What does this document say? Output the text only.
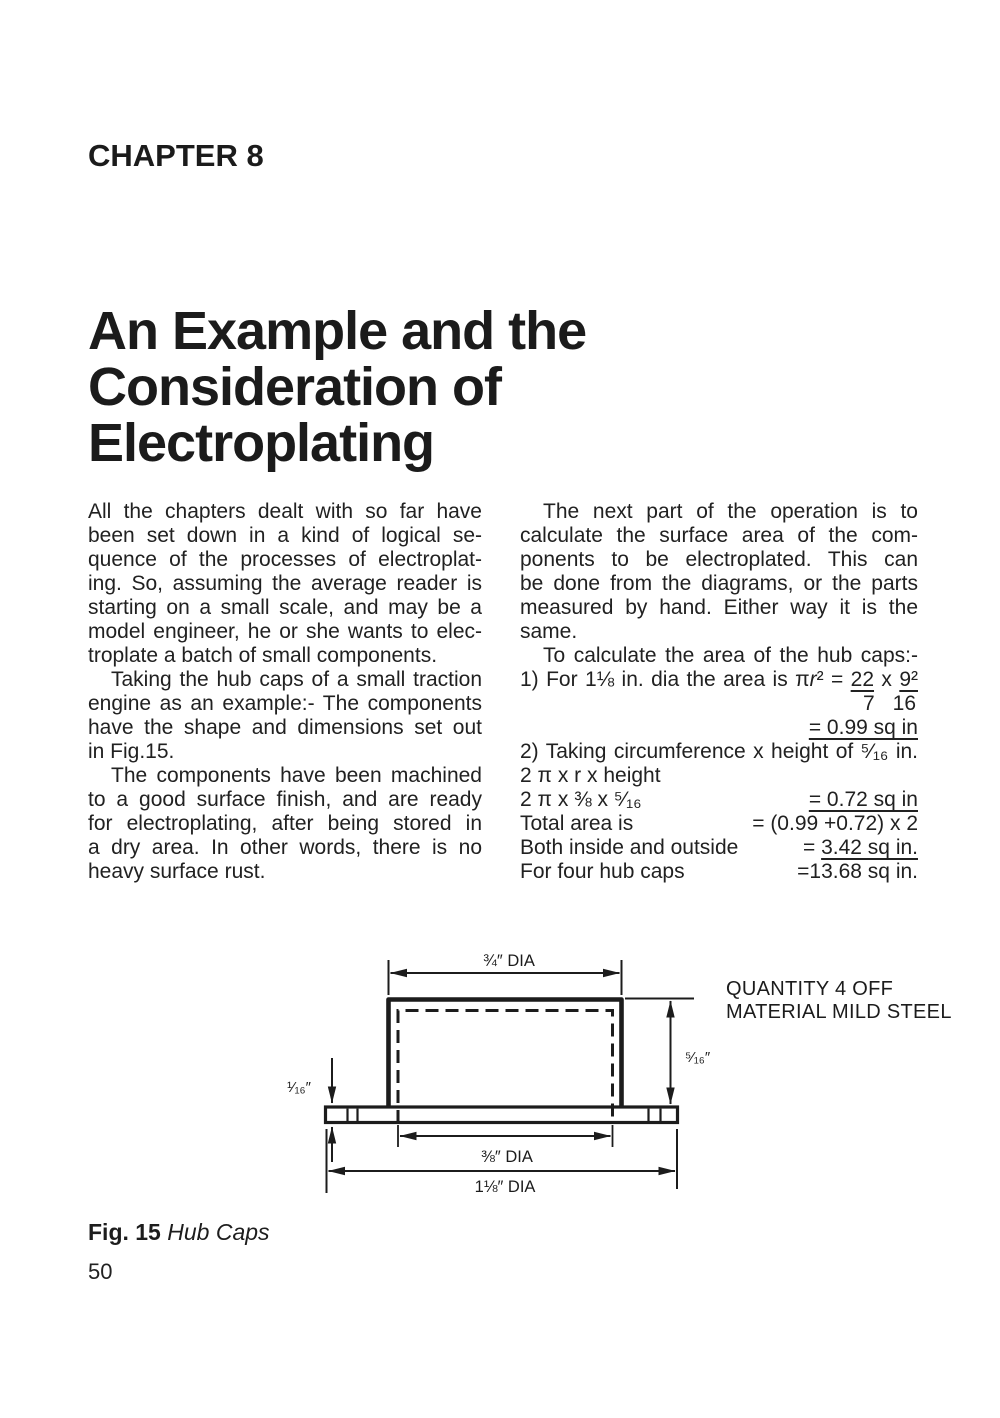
CHAPTER 8
An Example and the
Consideration of
Electroplating
All the chapters dealt with so far have
been set down in a kind of logical se-
quence of the processes of electroplat-
ing. So, assuming the average reader is
starting on a small scale, and may be a
model engineer, he or she wants to elec-
troplate a batch of small components.
Taking the hub caps of a small traction
engine as an example:- The components
have the shape and dimensions set out
in Fig.15.
The components have been machined
to a good surface finish, and are ready
for electroplating, after being stored in
a dry area. In other words, there is no
heavy surface rust.
The next part of the operation is to
calculate the surface area of the com-
ponents to be electroplated. This can
be done from the diagrams, or the parts
measured by hand. Either way it is the
same.
To calculate the area of the hub caps:-
1) For 1⅛ in. dia the area is πr² = 22 x 9²
7 16
= 0.99 sq in
2) Taking circumference x height of ⁵⁄₁₆ in.
2 π x r x height
2 π x ⅜ x ⁵⁄₁₆	= 0.72 sq in
Total area is	= (0.99 +0.72) x 2
Both inside and outside	= 3.42 sq in.
For four hub caps	=13.68 sq in.
¾″ DIA
⁵⁄₁₆″
¹⁄₁₆″
⅜″ DIA
1⅛″ DIA
QUANTITY 4 OFF
MATERIAL MILD STEEL
Fig. 15 Hub Caps
50
